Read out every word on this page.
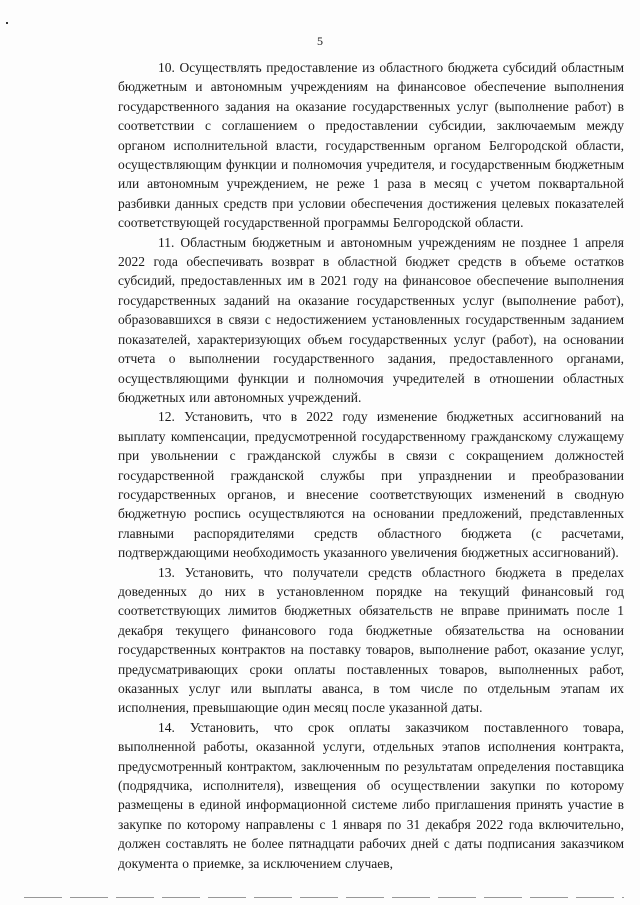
5

10. Осуществлять предоставление из областного бюджета субсидий областным бюджетным и автономным учреждениям на финансовое обеспечение выполнения государственного задания на оказание государственных услуг (выполнение работ) в соответствии с соглашением о предоставлении субсидии, заключаемым между органом исполнительной власти, государственным органом Белгородской области, осуществляющим функции и полномочия учредителя, и государственным бюджетным или автономным учреждением, не реже 1 раза в месяц с учетом поквартальной разбивки данных средств при условии обеспечения достижения целевых показателей соответствующей государственной программы Белгородской области.

11. Областным бюджетным и автономным учреждениям не позднее 1 апреля 2022 года обеспечивать возврат в областной бюджет средств в объеме остатков субсидий, предоставленных им в 2021 году на финансовое обеспечение выполнения государственных заданий на оказание государственных услуг (выполнение работ), образовавшихся в связи с недостижением установленных государственным заданием показателей, характеризующих объем государственных услуг (работ), на основании отчета о выполнении государственного задания, предоставленного органами, осуществляющими функции и полномочия учредителей в отношении областных бюджетных или автономных учреждений.

12. Установить, что в 2022 году изменение бюджетных ассигнований на выплату компенсации, предусмотренной государственному гражданскому служащему при увольнении с гражданской службы в связи с сокращением должностей государственной гражданской службы при упразднении и преобразовании государственных органов, и внесение соответствующих изменений в сводную бюджетную роспись осуществляются на основании предложений, представленных главными распорядителями средств областного бюджета (с расчетами, подтверждающими необходимость указанного увеличения бюджетных ассигнований).

13. Установить, что получатели средств областного бюджета в пределах доведенных до них в установленном порядке на текущий финансовый год соответствующих лимитов бюджетных обязательств не вправе принимать после 1 декабря текущего финансового года бюджетные обязательства на основании государственных контрактов на поставку товаров, выполнение работ, оказание услуг, предусматривающих сроки оплаты поставленных товаров, выполненных работ, оказанных услуг или выплаты аванса, в том числе по отдельным этапам их исполнения, превышающие один месяц после указанной даты.

14. Установить, что срок оплаты заказчиком поставленного товара, выполненной работы, оказанной услуги, отдельных этапов исполнения контракта, предусмотренный контрактом, заключенным по результатам определения поставщика (подрядчика, исполнителя), извещения об осуществлении закупки по которому размещены в единой информационной системе либо приглашения принять участие в закупке по которому направлены с 1 января по 31 декабря 2022 года включительно, должен составлять не более пятнадцати рабочих дней с даты подписания заказчиком документа о приемке, за исключением случаев,
